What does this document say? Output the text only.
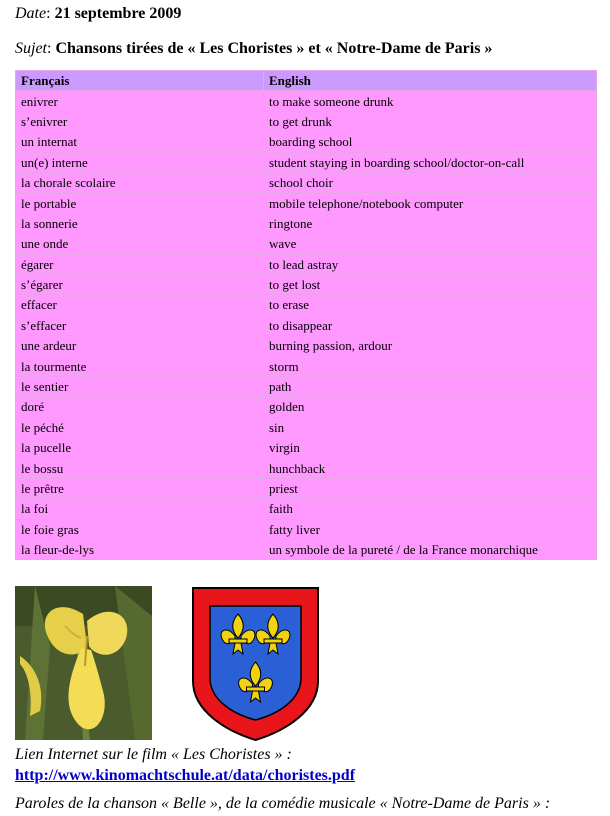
Date: 21 septembre 2009
Sujet: Chansons tirées de « Les Choristes » et « Notre-Dame de Paris »
Français	English
enivrer	to make someone drunk
s’enivrer	to get drunk
un internat	boarding school
un(e) interne	student staying in boarding school/doctor-on-call
la chorale scolaire	school choir
le portable	mobile telephone/notebook computer
la sonnerie	ringtone
une onde	wave
égarer	to lead astray
s’égarer	to get lost
effacer	to erase
s’effacer	to disappear
une ardeur	burning passion, ardour
la tourmente	storm
le sentier	path
doré	golden
le péché	sin
la pucelle	virgin
le bossu	hunchback
le prêtre	priest
la foi	faith
le foie gras	fatty liver
la fleur-de-lys	un symbole de la pureté / de la France monarchique
Lien Internet sur le film « Les Choristes » :
http://www.kinomachtschule.at/data/choristes.pdf
Paroles de la chanson « Belle », de la comédie musicale « Notre-Dame de Paris » :
